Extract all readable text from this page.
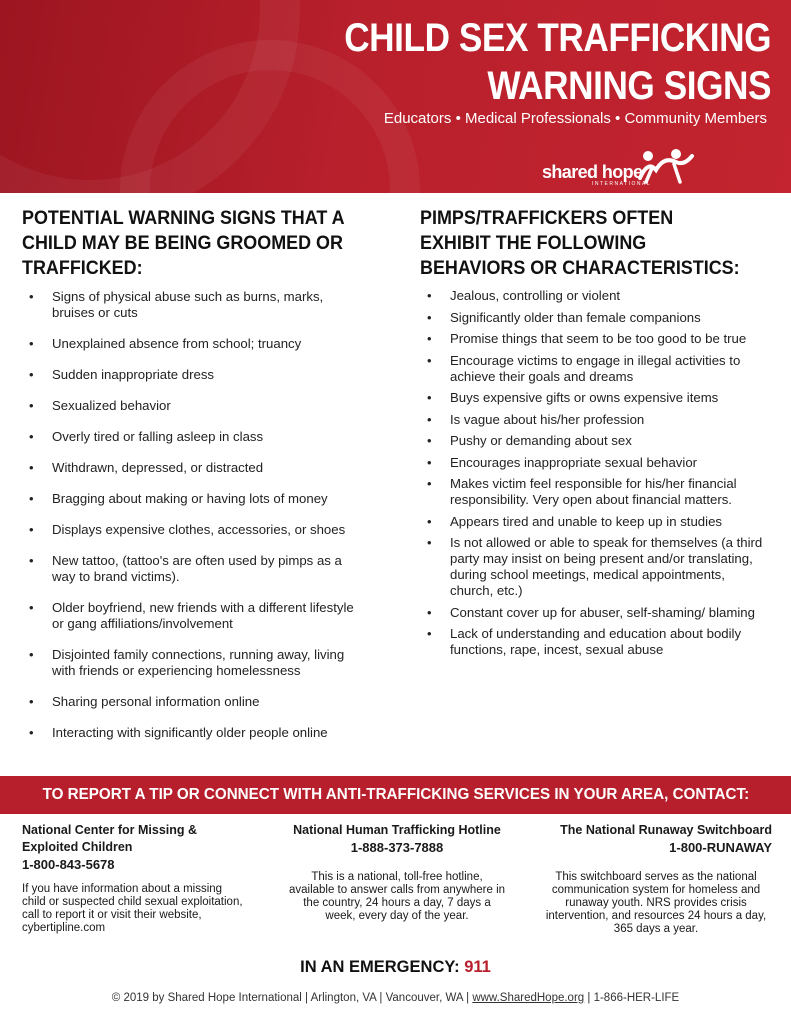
CHILD SEX TRAFFICKING
WARNING SIGNS
Educators • Medical Professionals • Community Members
shared hope
INTERNATIONAL
POTENTIAL WARNING SIGNS THAT A
CHILD MAY BE BEING GROOMED OR
TRAFFICKED:
• Signs of physical abuse such as burns, marks, bruises or cuts
• Unexplained absence from school; truancy
• Sudden inappropriate dress
• Sexualized behavior
• Overly tired or falling asleep in class
• Withdrawn, depressed, or distracted
• Bragging about making or having lots of money
• Displays expensive clothes, accessories, or shoes
• New tattoo, (tattoo's are often used by pimps as a way to brand victims).
• Older boyfriend, new friends with a different lifestyle or gang affiliations/involvement
• Disjointed family connections, running away, living with friends or experiencing homelessness
• Sharing personal information online
• Interacting with significantly older people online
PIMPS/TRAFFICKERS OFTEN
EXHIBIT THE FOLLOWING
BEHAVIORS OR CHARACTERISTICS:
• Jealous, controlling or violent
• Significantly older than female companions
• Promise things that seem to be too good to be true
• Encourage victims to engage in illegal activities to achieve their goals and dreams
• Buys expensive gifts or owns expensive items
• Is vague about his/her profession
• Pushy or demanding about sex
• Encourages inappropriate sexual behavior
• Makes victim feel responsible for his/her financial responsibility. Very open about financial matters.
• Appears tired and unable to keep up in studies
• Is not allowed or able to speak for themselves (a third party may insist on being present and/or translating, during school meetings, medical appointments, church, etc.)
• Constant cover up for abuser, self-shaming/ blaming
• Lack of understanding and education about bodily functions, rape, incest, sexual abuse
TO REPORT A TIP OR CONNECT WITH ANTI-TRAFFICKING SERVICES IN YOUR AREA, CONTACT:
National Center for Missing &
Exploited Children
1-800-843-5678
If you have information about a missing child or suspected child sexual exploitation, call to report it or visit their website, cybertipline.com
National Human Trafficking Hotline
1-888-373-7888
This is a national, toll-free hotline, available to answer calls from anywhere in the country, 24 hours a day, 7 days a week, every day of the year.
The National Runaway Switchboard
1-800-RUNAWAY
This switchboard serves as the national communication system for homeless and runaway youth. NRS provides crisis intervention, and resources 24 hours a day, 365 days a year.
IN AN EMERGENCY: 911
© 2019 by Shared Hope International | Arlington, VA | Vancouver, WA | www.SharedHope.org | 1-866-HER-LIFE
